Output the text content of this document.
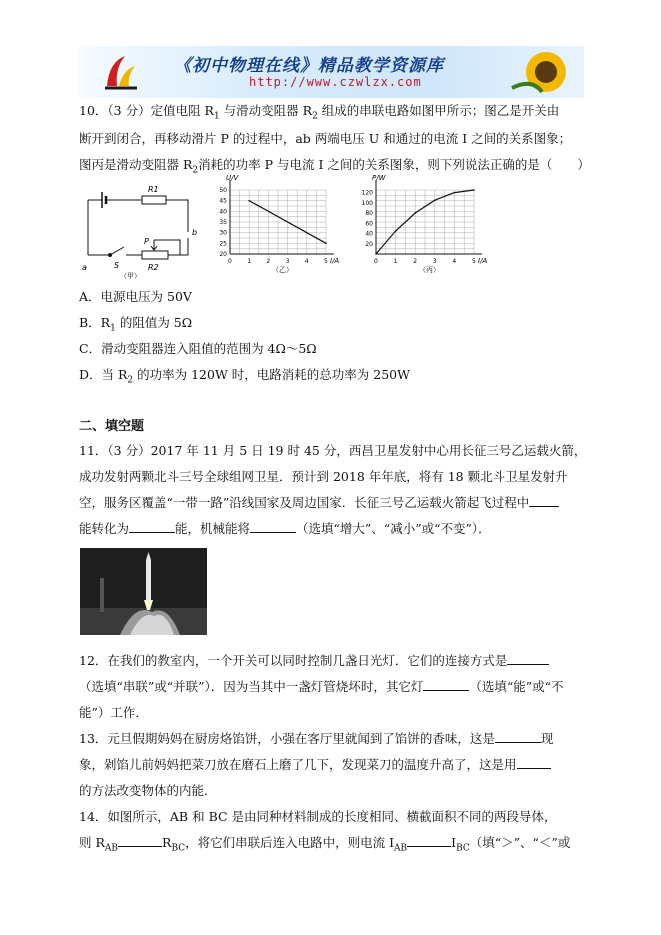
《初中物理在线》精品教学资源库
http://www.czwlzx.com
10．（3 分）定值电阻 $R_1$ 与滑动变阻器 $R_2$ 组成的串联电路如图甲所示；图乙是开关由
断开到闭合，再移动滑片 P 的过程中，ab 两端电压 U 和通过的电流 I 之间的关系图象；
图丙是滑动变阻器 $R_2$消耗的功率 P 与电流 I 之间的关系图象，则下列说法正确的是（　　）
R1
R2
P
S
a
b
（甲）
U/V
I/A
0	1	2	3	4	5
50
45
40
35
30
25
20
（乙）
P/W
I/A
0	1	2	3	4	5
120
100
80
60
40
20
（丙）
A．电源电压为 50V
B．$R_1$ 的阻值为 5Ω
C．滑动变阻器连入阻值的范围为 4Ω～5Ω
D．当 $R_2$ 的功率为 120W 时，电路消耗的总功率为 250W
二、填空题
11．（3 分）2017 年 11 月 5 日 19 时 45 分，西昌卫星发射中心用长征三号乙运载火箭，
成功发射两颗北斗三号全球组网卫星．预计到 2018 年年底，将有 18 颗北斗卫星发射升
空，服务区覆盖“一带一路”沿线国家及周边国家．长征三号乙运载火箭起飞过程中
能转化为	能，机械能将	（选填“增大”、“减小”或“不变”）．
12．在我们的教室内，一个开关可以同时控制几盏日光灯．它们的连接方式是
（选填“串联”或“并联”）．因为当其中一盏灯管烧坏时，其它灯	（选填“能”或“不
能”）工作．
13．元旦假期妈妈在厨房烙馅饼，小强在客厅里就闻到了馅饼的香味，这是	现
象，剁馅儿前妈妈把菜刀放在磨石上磨了几下，发现菜刀的温度升高了，这是用
的方法改变物体的内能．
14．如图所示，AB 和 BC 是由同种材料制成的长度相同、横截面积不同的两段导体，
则 $R_{AB}$	$R_{BC}$，将它们串联后连入电路中，则电流 $I_{AB}$	$I_{BC}$（填“＞”、“＜”或
